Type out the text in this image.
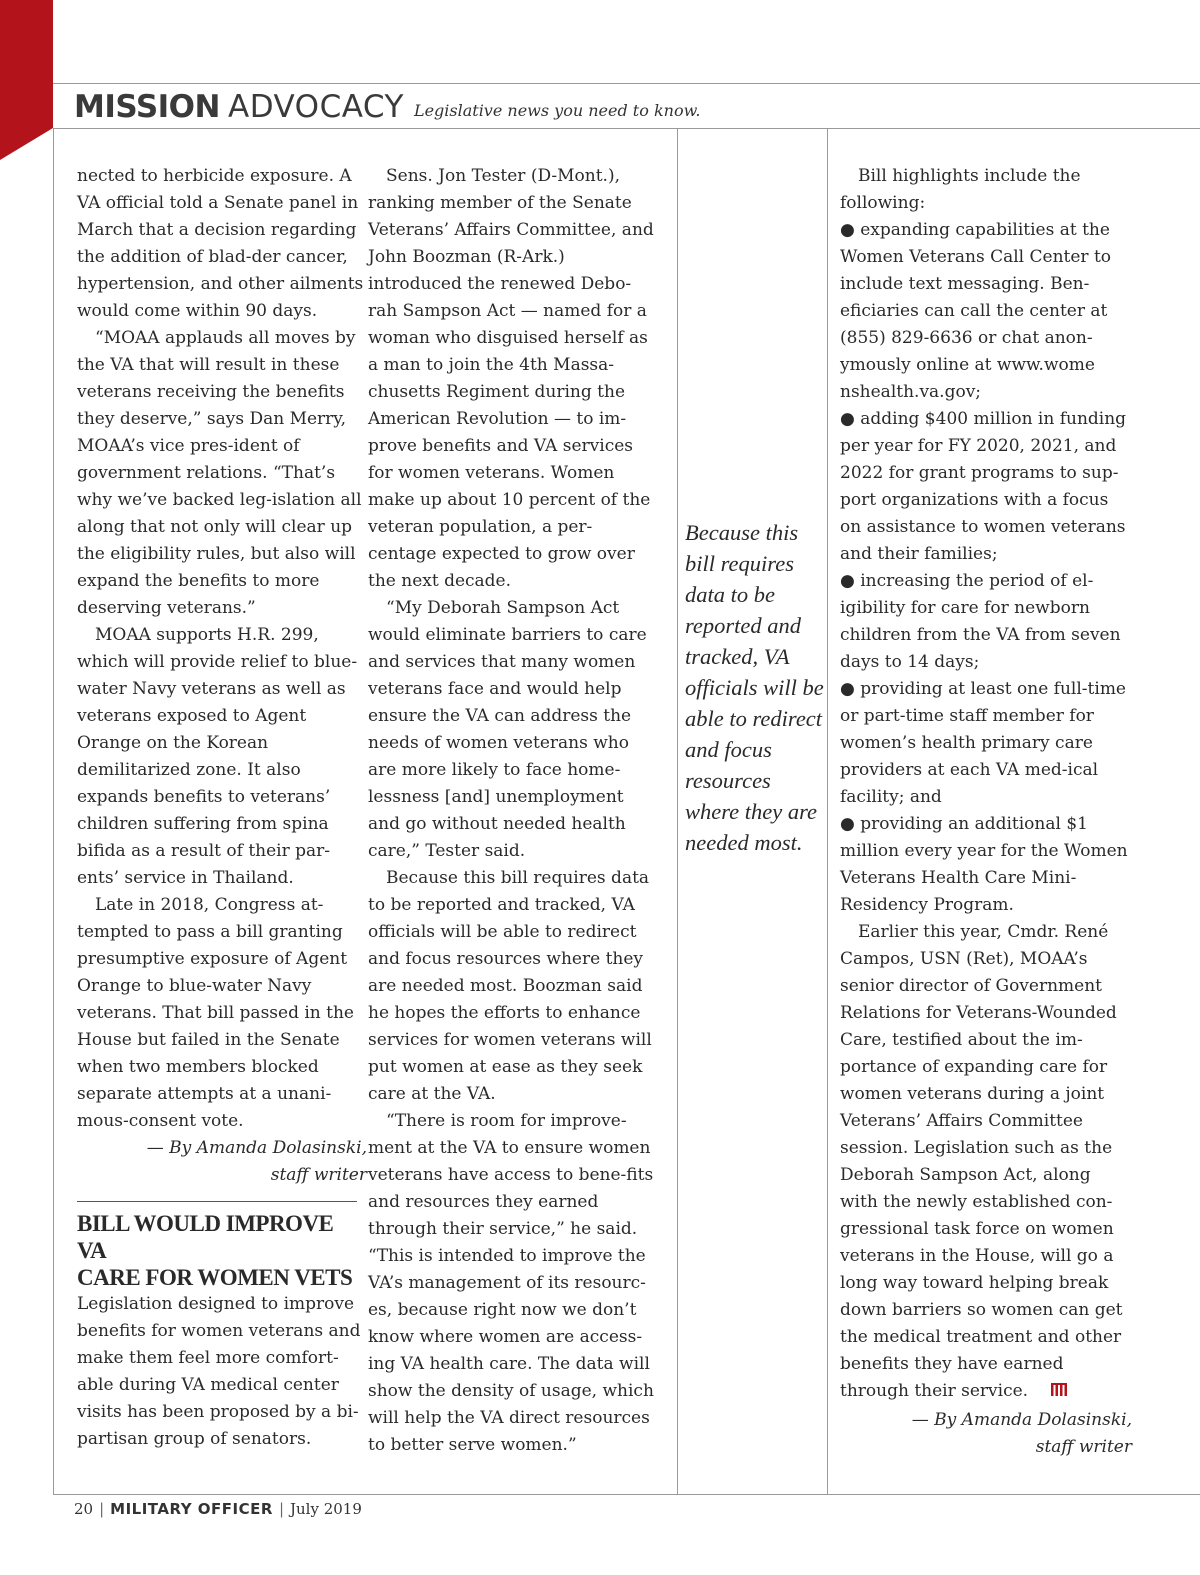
MISSION ADVOCACY Legislative news you need to know.

nected to herbicide exposure. A VA official told a Senate panel in March that a decision regarding the addition of blad-der cancer, hypertension, and other ailments would come within 90 days.

“MOAA applauds all moves by the VA that will result in these veterans receiving the benefits they deserve,” says Dan Merry, MOAA’s vice pres-ident of government relations. “That’s why we’ve backed leg-islation all along that not only will clear up the eligibility rules, but also will expand the benefits to more deserving veterans.”

MOAA supports H.R. 299, which will provide relief to blue-water Navy veterans as well as veterans exposed to Agent Orange on the Korean demilitarized zone. It also expands benefits to veterans’ children suffering from spina bifida as a result of their par-ents’ service in Thailand.

Late in 2018, Congress at-tempted to pass a bill granting presumptive exposure of Agent Orange to blue-water Navy veterans. That bill passed in the House but failed in the Senate when two members blocked separate attempts at a unani-mous-consent vote.

— By Amanda Dolasinski,

staff writer

BILL WOULD IMPROVE VA

CARE FOR WOMEN VETS

Legislation designed to improve benefits for women veterans and make them feel more comfort-able during VA medical center visits has been proposed by a bi-partisan group of senators.

Sens. Jon Tester (D-Mont.), ranking member of the Senate Veterans’ Affairs Committee, and John Boozman (R-Ark.) introduced the renewed Debo-rah Sampson Act — named for a woman who disguised herself as a man to join the 4th Massa-chusetts Regiment during the American Revolution — to im-prove benefits and VA services for women veterans. Women make up about 10 percent of the veteran population, a per-centage expected to grow over the next decade.

“My Deborah Sampson Act would eliminate barriers to care and services that many women veterans face and would help ensure the VA can address the needs of women veterans who are more likely to face home-lessness [and] unemployment and go without needed health care,” Tester said.

Because this bill requires data to be reported and tracked, VA officials will be able to redirect and focus resources where they are needed most. Boozman said he hopes the efforts to enhance services for women veterans will put women at ease as they seek care at the VA.

“There is room for improve-ment at the VA to ensure women veterans have access to bene-fits and resources they earned through their service,” he said. “This is intended to improve the VA’s management of its resourc-es, because right now we don’t know where women are access-ing VA health care. The data will show the density of usage, which will help the VA direct resources to better serve women.”

Because this bill requires data to be reported and tracked, VA officials will be able to redirect and focus resources where they are needed most.

Bill highlights include the following:

● expanding capabilities at the Women Veterans Call Center to include text messaging. Ben-eficiaries can call the center at (855) 829-6636 or chat anon-ymously online at www.wome nshealth.va.gov;

● adding $400 million in funding per year for FY 2020, 2021, and 2022 for grant programs to sup-port organizations with a focus on assistance to women veterans and their families;

● increasing the period of el-igibility for care for newborn children from the VA from seven days to 14 days;

● providing at least one full-time or part-time staff member for women’s health primary care providers at each VA med-ical facility; and

● providing an additional $1 million every year for the Women Veterans Health Care Mini-Residency Program.

Earlier this year, Cmdr. René Campos, USN (Ret), MOAA’s senior director of Government Relations for Veterans-Wounded Care, testified about the im-portance of expanding care for women veterans during a joint Veterans’ Affairs Committee session. Legislation such as the Deborah Sampson Act, along with the newly established con-gressional task force on women veterans in the House, will go a long way toward helping break down barriers so women can get the medical treatment and other benefits they have earned through their service.

— By Amanda Dolasinski,

staff writer

20 | MILITARY OFFICER | July 2019
